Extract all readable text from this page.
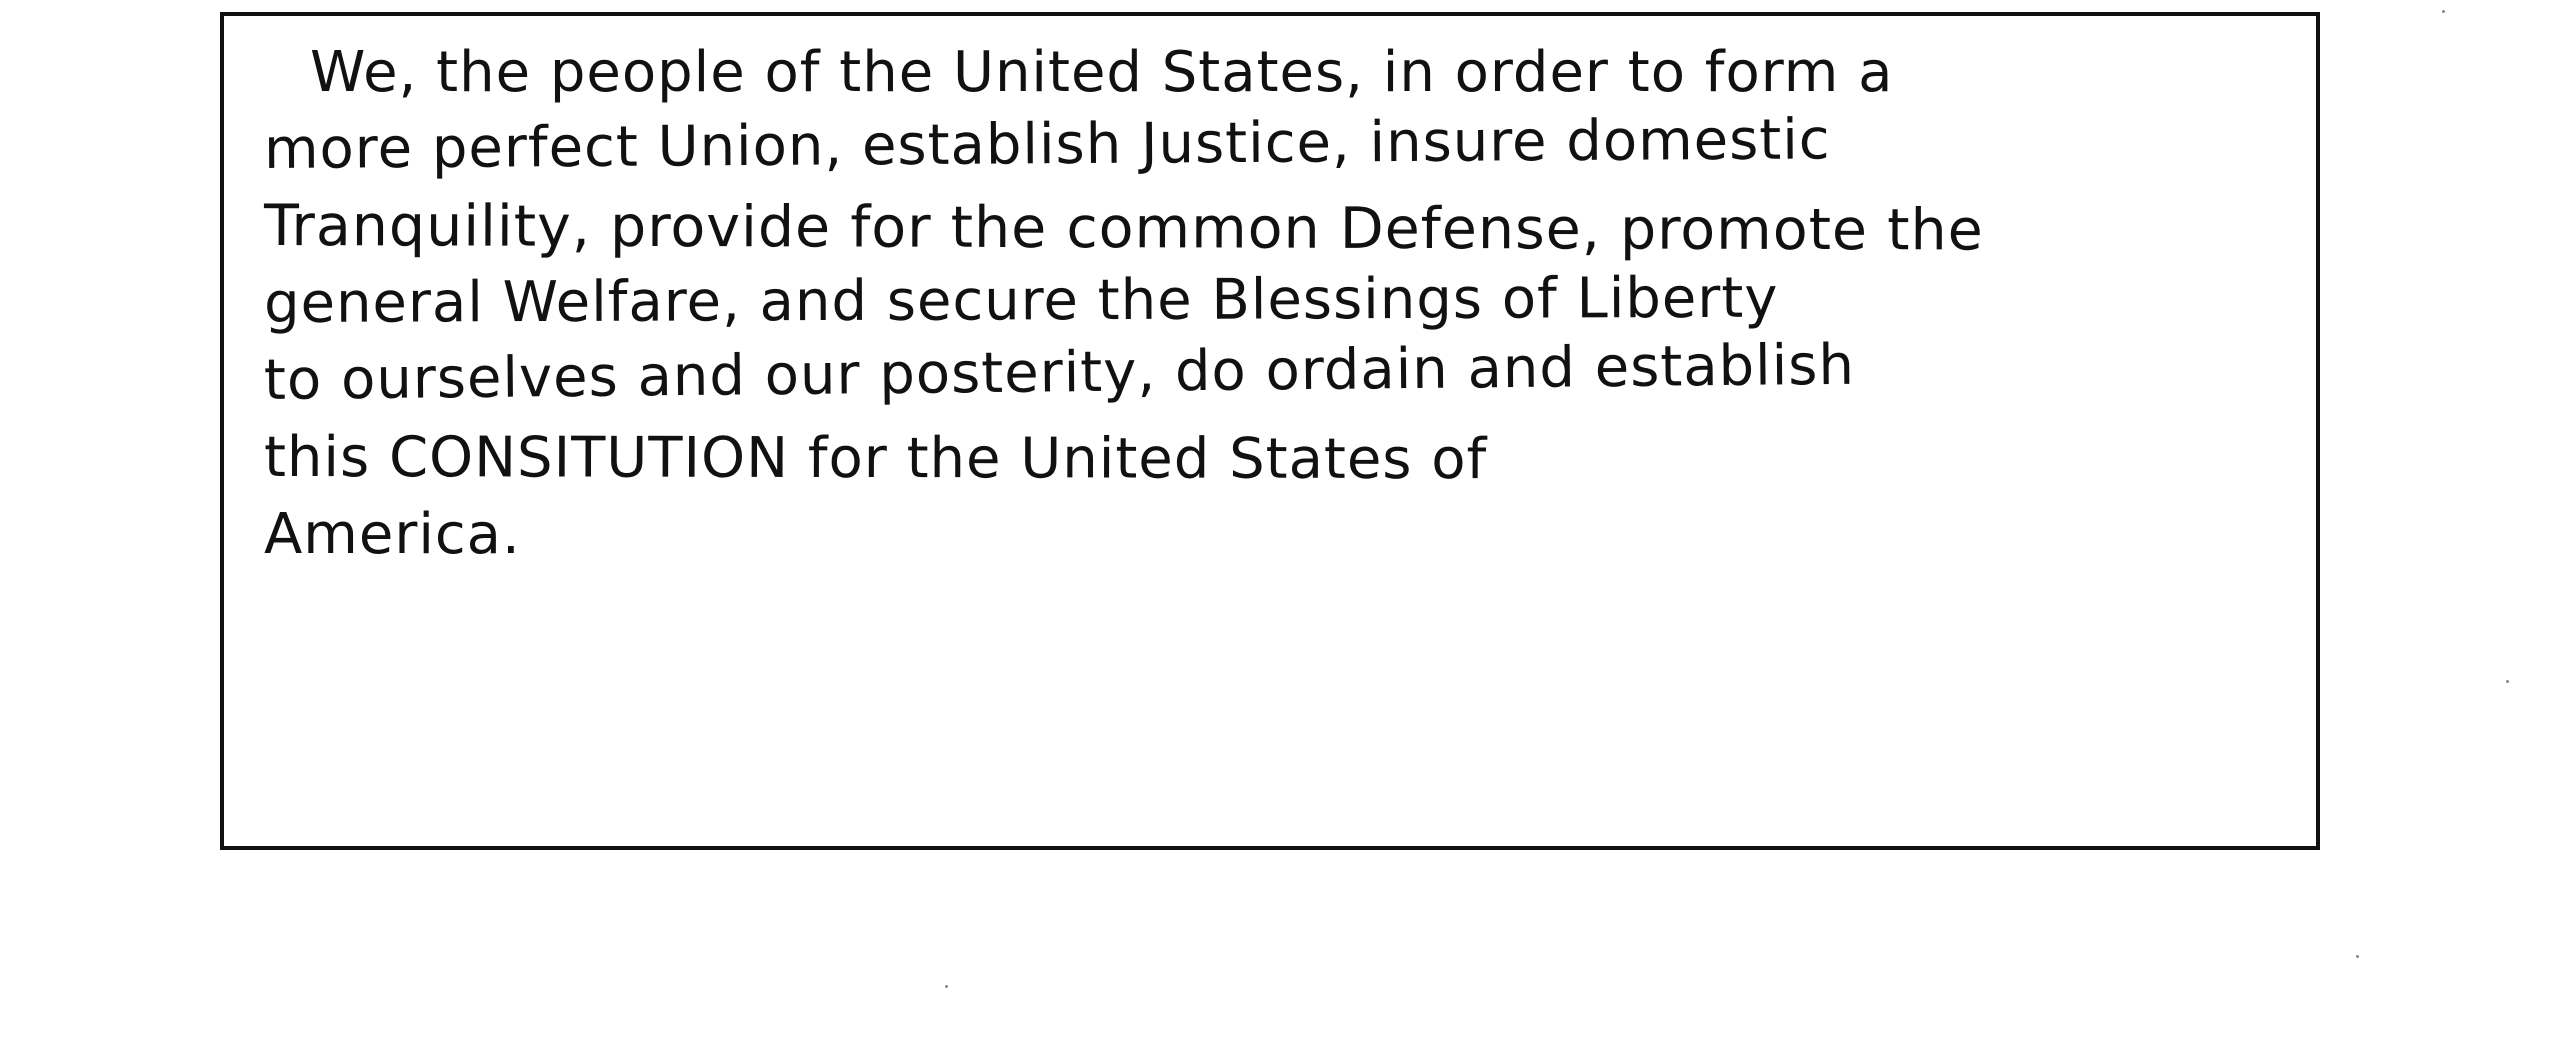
We, the people of the United States, in order to form a
more perfect Union, establish Justice, insure domestic
Tranquility, provide for the common Defense, promote the
general Welfare, and secure the Blessings of Liberty
to ourselves and our posterity, do ordain and establish
this CONSITUTION for the United States of
America.
